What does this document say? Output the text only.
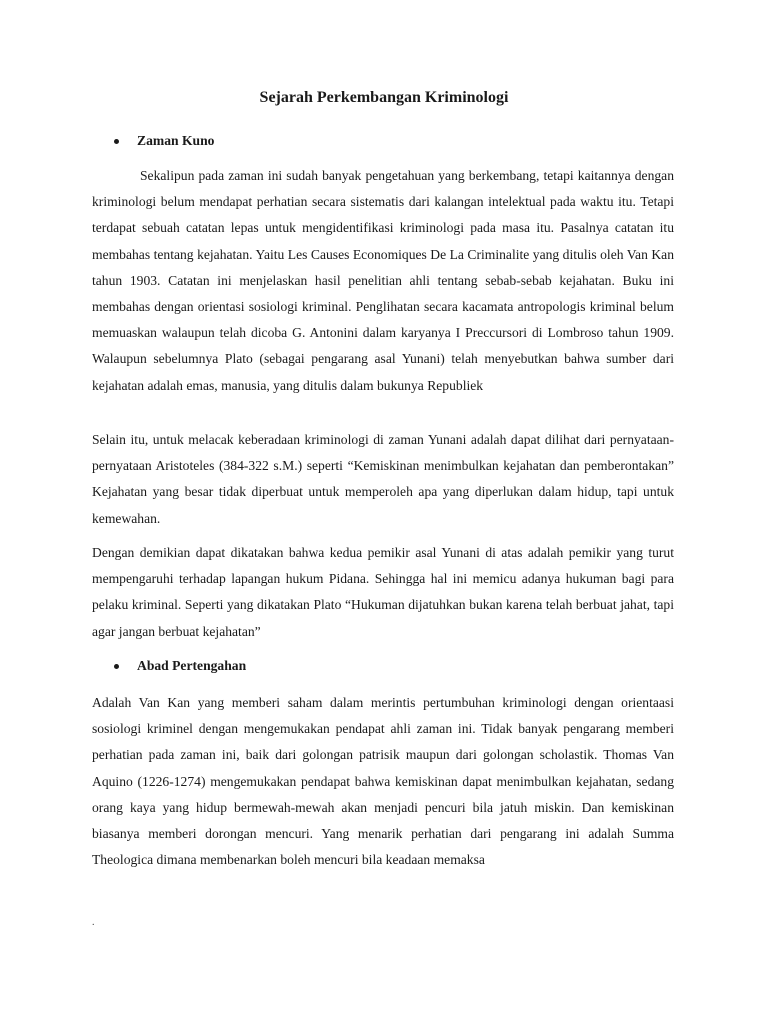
Sejarah Perkembangan Kriminologi
Zaman Kuno

Sekalipun pada zaman ini sudah banyak pengetahuan yang berkembang, tetapi kaitannya dengan kriminologi belum mendapat perhatian secara sistematis dari kalangan intelektual pada waktu itu. Tetapi terdapat sebuah catatan lepas untuk mengidentifikasi kriminologi pada masa itu. Pasalnya catatan itu membahas tentang kejahatan. Yaitu Les Causes Economiques De La Criminalite yang ditulis oleh Van Kan tahun 1903. Catatan ini menjelaskan hasil penelitian ahli tentang sebab-sebab kejahatan. Buku ini membahas dengan orientasi sosiologi kriminal. Penglihatan secara kacamata antropologis kriminal belum memuaskan walaupun telah dicoba G. Antonini dalam karyanya I Preccursori di Lombroso tahun 1909. Walaupun sebelumnya Plato (sebagai pengarang asal Yunani) telah menyebutkan bahwa sumber dari kejahatan adalah emas, manusia, yang ditulis dalam bukunya Republiek

Selain itu, untuk melacak keberadaan kriminologi di zaman Yunani adalah dapat dilihat dari pernyataan-pernyataan Aristoteles (384-322 s.M.) seperti “Kemiskinan menimbulkan kejahatan dan pemberontakan” Kejahatan yang besar tidak diperbuat untuk memperoleh apa yang diperlukan dalam hidup, tapi untuk kemewahan.

Dengan demikian dapat dikatakan bahwa kedua pemikir asal Yunani di atas adalah pemikir yang turut mempengaruhi terhadap lapangan hukum Pidana. Sehingga hal ini memicu adanya hukuman bagi para pelaku kriminal. Seperti yang dikatakan Plato “Hukuman dijatuhkan bukan karena telah berbuat jahat, tapi agar jangan berbuat kejahatan”

Abad Pertengahan

Adalah Van Kan yang memberi saham dalam merintis pertumbuhan kriminologi dengan orientaasi sosiologi kriminel dengan mengemukakan pendapat ahli zaman ini. Tidak banyak pengarang memberi perhatian pada zaman ini, baik dari golongan patrisik maupun dari golongan scholastik. Thomas Van Aquino (1226-1274) mengemukakan pendapat bahwa kemiskinan dapat menimbulkan kejahatan, sedang orang kaya yang hidup bermewah-mewah akan menjadi pencuri bila jatuh miskin. Dan kemiskinan biasanya memberi dorongan mencuri. Yang menarik perhatian dari pengarang ini adalah Summa Theologica dimana membenarkan boleh mencuri bila keadaan memaksa

.
